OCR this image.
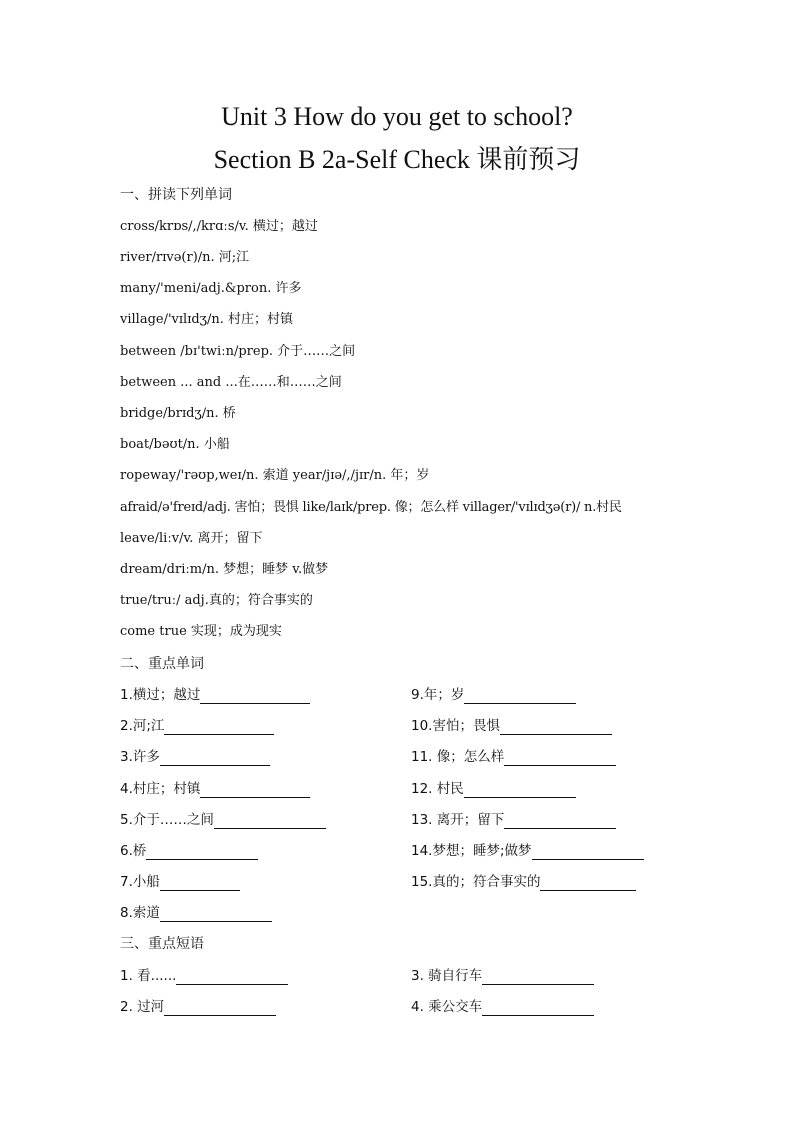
Unit 3 How do you get to school?
Section B 2a-Self Check 课前预习
一、拼读下列单词
cross/krɒs/,/krɑːs/v. 横过；越过
river/rɪvə(r)/n. 河;江
many/'meni/adj.&pron. 许多
village/'vɪlɪdʒ/n. 村庄；村镇
between /bɪ'twiːn/prep. 介于……之间
between ... and ...在……和……之间
bridge/brɪdʒ/n. 桥
boat/bəʊt/n. 小船
ropeway/'rəʊp,weɪ/n. 索道 year/jɪə/,/jɪr/n. 年；岁
afraid/ə'freɪd/adj. 害怕；畏惧 like/laɪk/prep. 像；怎么样 villager/'vɪlɪdʒə(r)/ n.村民
leave/liːv/v. 离开；留下
dream/driːm/n. 梦想；睡梦 v.做梦
true/truː/ adj.真的；符合事实的
come true 实现；成为现实
二、重点单词
1.横过；越过
2.河;江
3.许多
4.村庄；村镇
5.介于……之间
6.桥
7.小船
8.索道
9.年；岁
10.害怕；畏惧
11. 像；怎么样
12. 村民
13. 离开；留下
14.梦想；睡梦;做梦
15.真的；符合事实的
三、重点短语
1. 看......
2. 过河
3. 骑自行车
4. 乘公交车
